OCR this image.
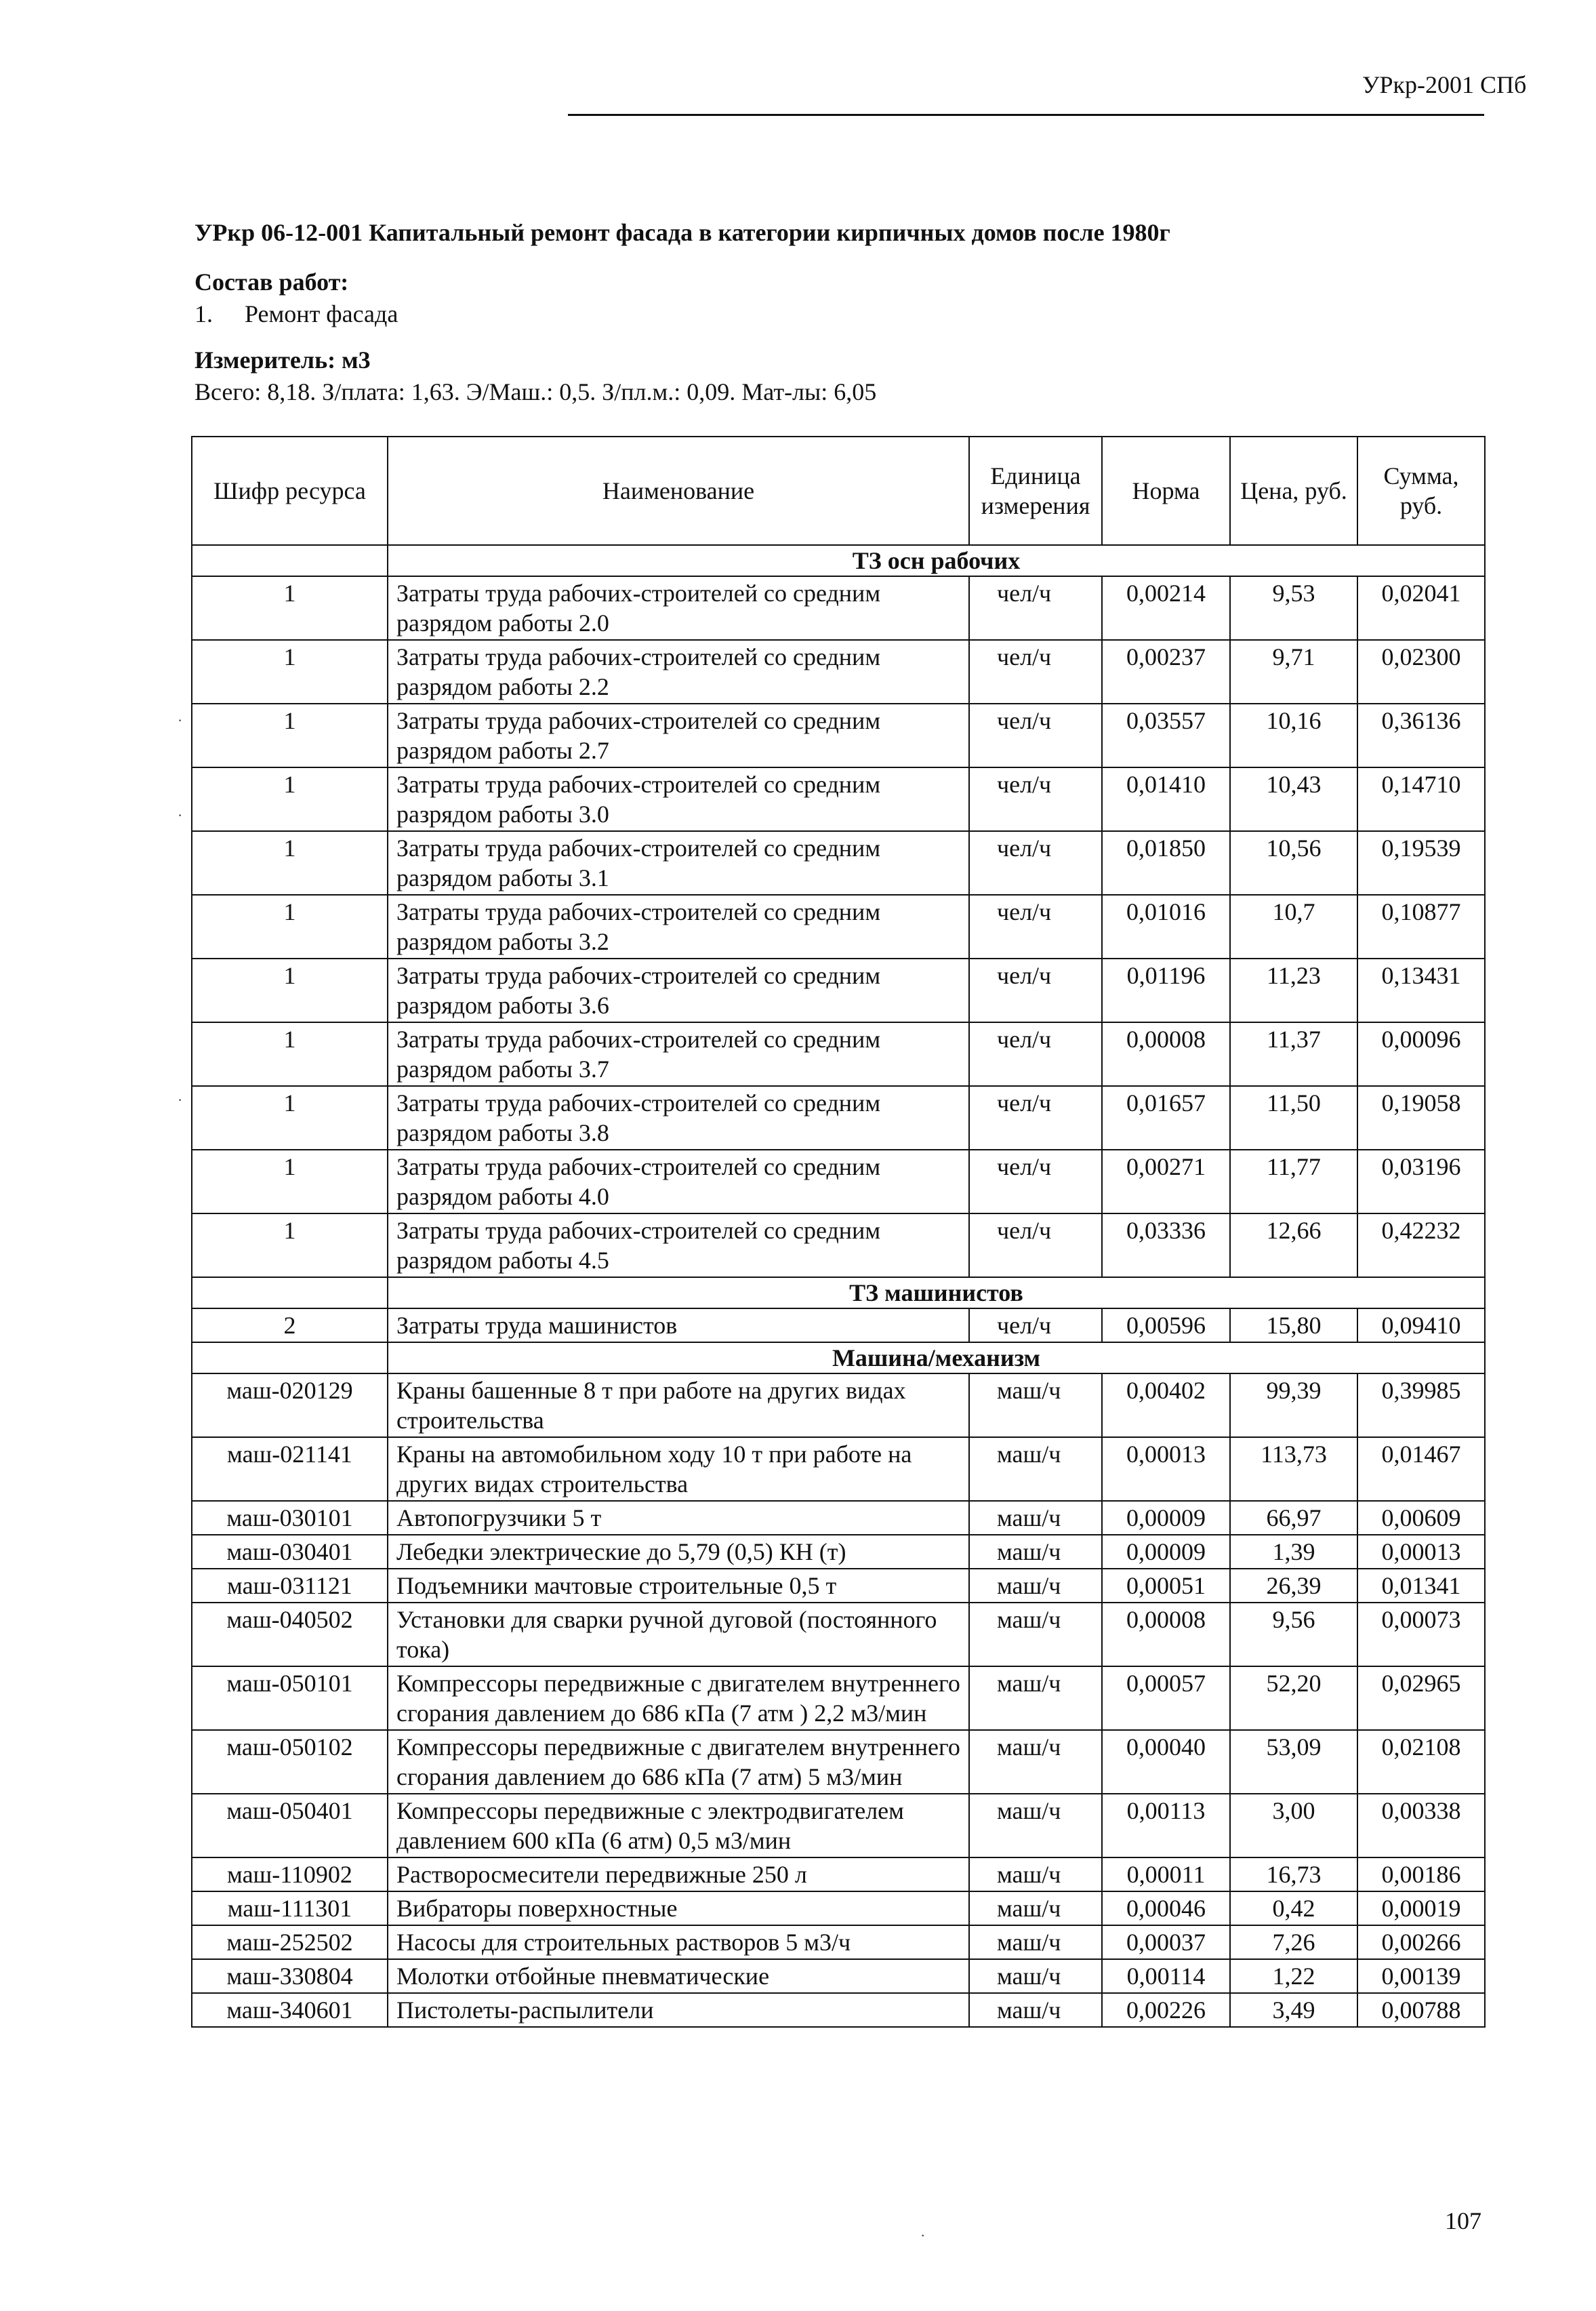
УРкр-2001 СПб
УРкр 06-12-001 Капитальный ремонт фасада в категории кирпичных домов после 1980г
Состав работ:
1. Ремонт фасада
Измеритель: м3
Всего: 8,18. З/плата: 1,63. Э/Маш.: 0,5. З/пл.м.: 0,09. Мат-лы: 6,05
Шифр ресурса	Наименование	Единица измерения	Норма	Цена, руб.	Сумма, руб.
	ТЗ осн рабочих				
1	Затраты труда рабочих-строителей со средним разрядом работы 2.0	чел/ч	0,00214	9,53	0,02041
1	Затраты труда рабочих-строителей со средним разрядом работы 2.2	чел/ч	0,00237	9,71	0,02300
1	Затраты труда рабочих-строителей со средним разрядом работы 2.7	чел/ч	0,03557	10,16	0,36136
1	Затраты труда рабочих-строителей со средним разрядом работы 3.0	чел/ч	0,01410	10,43	0,14710
1	Затраты труда рабочих-строителей со средним разрядом работы 3.1	чел/ч	0,01850	10,56	0,19539
1	Затраты труда рабочих-строителей со средним разрядом работы 3.2	чел/ч	0,01016	10,7	0,10877
1	Затраты труда рабочих-строителей со средним разрядом работы 3.6	чел/ч	0,01196	11,23	0,13431
1	Затраты труда рабочих-строителей со средним разрядом работы 3.7	чел/ч	0,00008	11,37	0,00096
1	Затраты труда рабочих-строителей со средним разрядом работы 3.8	чел/ч	0,01657	11,50	0,19058
1	Затраты труда рабочих-строителей со средним разрядом работы 4.0	чел/ч	0,00271	11,77	0,03196
1	Затраты труда рабочих-строителей со средним разрядом работы 4.5	чел/ч	0,03336	12,66	0,42232
	ТЗ машинистов				
2	Затраты труда машинистов	чел/ч	0,00596	15,80	0,09410
	Машина/механизм				
маш-020129	Краны башенные 8 т при работе на других видах строительства	маш/ч	0,00402	99,39	0,39985
маш-021141	Краны на автомобильном ходу 10 т при работе на других видах строительства	маш/ч	0,00013	113,73	0,01467
маш-030101	Автопогрузчики 5 т	маш/ч	0,00009	66,97	0,00609
маш-030401	Лебедки электрические до 5,79 (0,5) КН (т)	маш/ч	0,00009	1,39	0,00013
маш-031121	Подъемники мачтовые строительные 0,5 т	маш/ч	0,00051	26,39	0,01341
маш-040502	Установки для сварки ручной дуговой (постоянного тока)	маш/ч	0,00008	9,56	0,00073
маш-050101	Компрессоры передвижные с двигателем внутреннего сгорания давлением до 686 кПа (7 атм ) 2,2 м3/мин	маш/ч	0,00057	52,20	0,02965
маш-050102	Компрессоры передвижные с двигателем внутреннего сгорания давлением до 686 кПа (7 атм) 5 м3/мин	маш/ч	0,00040	53,09	0,02108
маш-050401	Компрессоры передвижные с электродвигателем давлением 600 кПа (6 атм) 0,5 м3/мин	маш/ч	0,00113	3,00	0,00338
маш-110902	Растворосмесители передвижные 250 л	маш/ч	0,00011	16,73	0,00186
маш-111301	Вибраторы поверхностные	маш/ч	0,00046	0,42	0,00019
маш-252502	Насосы для строительных растворов 5 м3/ч	маш/ч	0,00037	7,26	0,00266
маш-330804	Молотки отбойные пневматические	маш/ч	0,00114	1,22	0,00139
маш-340601	Пистолеты-распылители	маш/ч	0,00226	3,49	0,00788
107
·
·
·
·
